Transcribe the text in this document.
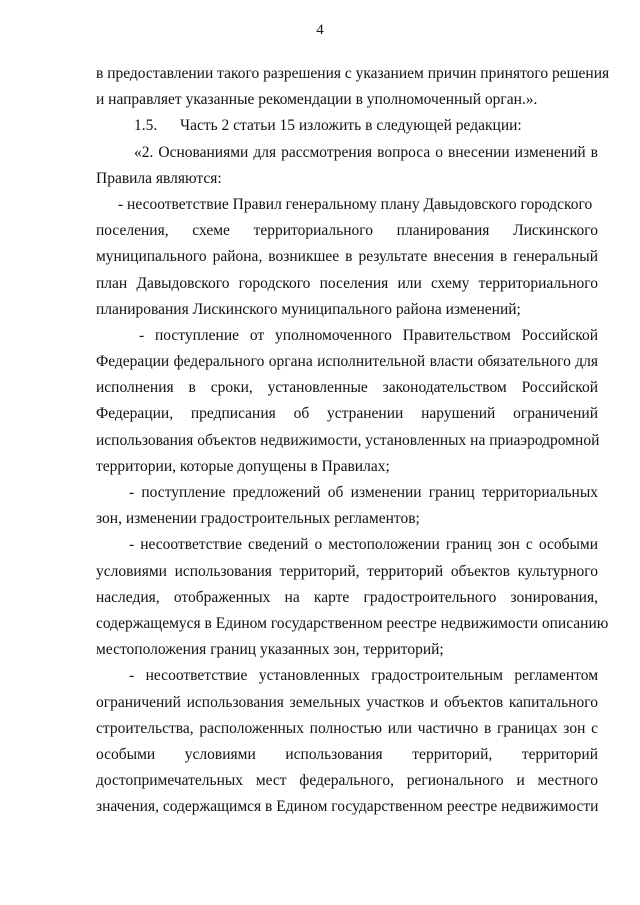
4
в предоставлении такого разрешения с указанием причин принятого решения
и направляет указанные рекомендации в уполномоченный орган.».
1.5. Часть 2 статьи 15 изложить в следующей редакции:
«2. Основаниями для рассмотрения вопроса о внесении изменений в
Правила являются:
- несоответствие Правил генеральному плану Давыдовского городского
поселения, схеме территориального планирования Лискинского
муниципального района, возникшее в результате внесения в генеральный
план Давыдовского городского поселения или схему территориального
планирования Лискинского муниципального района изменений;
- поступление от уполномоченного Правительством Российской
Федерации федерального органа исполнительной власти обязательного для
исполнения в сроки, установленные законодательством Российской
Федерации, предписания об устранении нарушений ограничений
использования объектов недвижимости, установленных на приаэродромной
территории, которые допущены в Правилах;
- поступление предложений об изменении границ территориальных
зон, изменении градостроительных регламентов;
- несоответствие сведений о местоположении границ зон с особыми
условиями использования территорий, территорий объектов культурного
наследия, отображенных на карте градостроительного зонирования,
содержащемуся в Едином государственном реестре недвижимости описанию
местоположения границ указанных зон, территорий;
- несоответствие установленных градостроительным регламентом
ограничений использования земельных участков и объектов капитального
строительства, расположенных полностью или частично в границах зон с
особыми условиями использования территорий, территорий
достопримечательных мест федерального, регионального и местного
значения, содержащимся в Едином государственном реестре недвижимости
